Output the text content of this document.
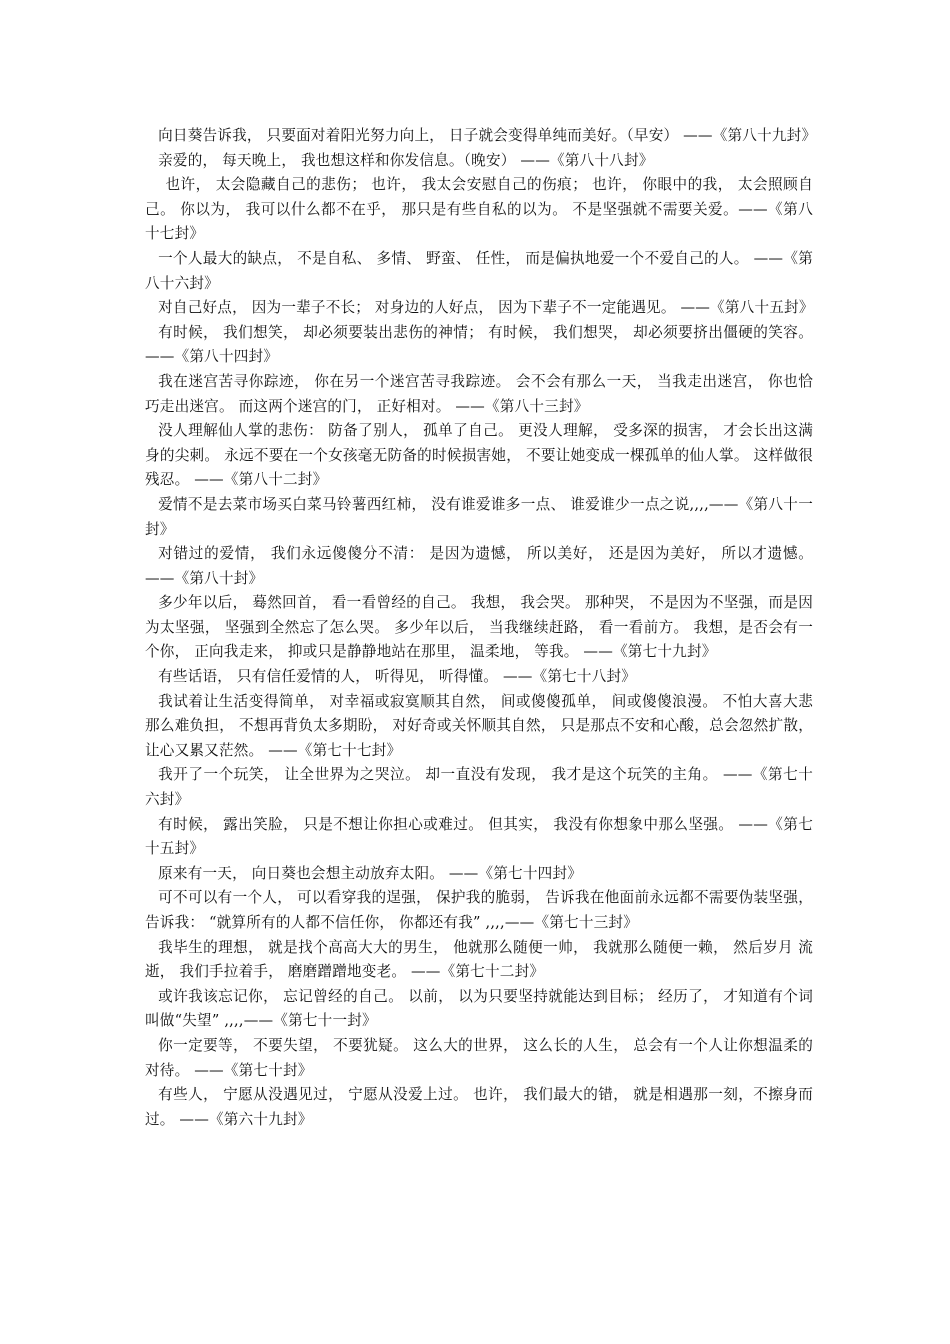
向日葵告诉我， 只要面对着阳光努力向上， 日子就会变得单纯而美好。（早安） ——《第八十九封》

亲爱的， 每天晚上， 我也想这样和你发信息。（晚安） ——《第八十八封》

也许， 太会隐藏自己的悲伤； 也许， 我太会安慰自己的伤痕； 也许， 你眼中的我， 太会照顾自己。 你以为， 我可以什么都不在乎， 那只是有些自私的以为。 不是坚强就不需要关爱。——《第八十七封》

一个人最大的缺点， 不是自私、 多情、 野蛮、 任性， 而是偏执地爱一个不爱自己的人。 ——《第八十六封》

对自己好点， 因为一辈子不长； 对身边的人好点， 因为下辈子不一定能遇见。 ——《第八十五封》

有时候， 我们想笑， 却必须要装出悲伤的神情； 有时候， 我们想哭， 却必须要挤出僵硬的笑容。 ——《第八十四封》

我在迷宫苦寻你踪迹， 你在另一个迷宫苦寻我踪迹。 会不会有那么一天， 当我走出迷宫， 你也恰巧走出迷宫。 而这两个迷宫的门， 正好相对。 ——《第八十三封》

没人理解仙人掌的悲伤： 防备了别人， 孤单了自己。 更没人理解， 受多深的损害， 才会长出这满身的尖刺。 永远不要在一个女孩毫无防备的时候损害她， 不要让她变成一棵孤单的仙人掌。 这样做很残忍。 ——《第八十二封》

爱情不是去菜市场买白菜马铃薯西红柿， 没有谁爱谁多一点、 谁爱谁少一点之说,,,,——《第八十一封》

对错过的爱情， 我们永远傻傻分不清： 是因为遗憾， 所以美好， 还是因为美好， 所以才遗憾。 ——《第八十封》

多少年以后， 蓦然回首， 看一看曾经的自己。 我想， 我会哭。 那种哭， 不是因为不坚强，而是因为太坚强， 坚强到全然忘了怎么哭。 多少年以后， 当我继续赶路， 看一看前方。 我想，是否会有一个你， 正向我走来， 抑或只是静静地站在那里， 温柔地， 等我。 ——《第七十九封》

有些话语， 只有信任爱情的人， 听得见， 听得懂。 ——《第七十八封》

我试着让生活变得简单， 对幸福或寂寞顺其自然， 间或傻傻孤单， 间或傻傻浪漫。 不怕大喜大悲那么难负担， 不想再背负太多期盼， 对好奇或关怀顺其自然， 只是那点不安和心酸，总会忽然扩散， 让心又累又茫然。 ——《第七十七封》

我开了一个玩笑， 让全世界为之哭泣。 却一直没有发现， 我才是这个玩笑的主角。 ——《第七十六封》

有时候， 露出笑脸， 只是不想让你担心或难过。 但其实， 我没有你想象中那么坚强。 ——《第七十五封》

原来有一天， 向日葵也会想主动放弃太阳。 ——《第七十四封》

可不可以有一个人， 可以看穿我的逞强， 保护我的脆弱， 告诉我在他面前永远都不需要伪装坚强， 告诉我： “就算所有的人都不信任你， 你都还有我” ,,,,——《第七十三封》

我毕生的理想， 就是找个高高大大的男生， 他就那么随便一帅， 我就那么随便一赖， 然后岁月 流逝， 我们手拉着手， 磨磨蹭蹭地变老。 ——《第七十二封》

或许我该忘记你， 忘记曾经的自己。 以前， 以为只要坚持就能达到目标； 经历了， 才知道有个词叫做“失望” ,,,,——《第七十一封》

你一定要等， 不要失望， 不要犹疑。 这么大的世界， 这么长的人生， 总会有一个人让你想温柔的对待。 ——《第七十封》

有些人， 宁愿从没遇见过， 宁愿从没爱上过。 也许， 我们最大的错， 就是相遇那一刻，不擦身而过。 ——《第六十九封》
